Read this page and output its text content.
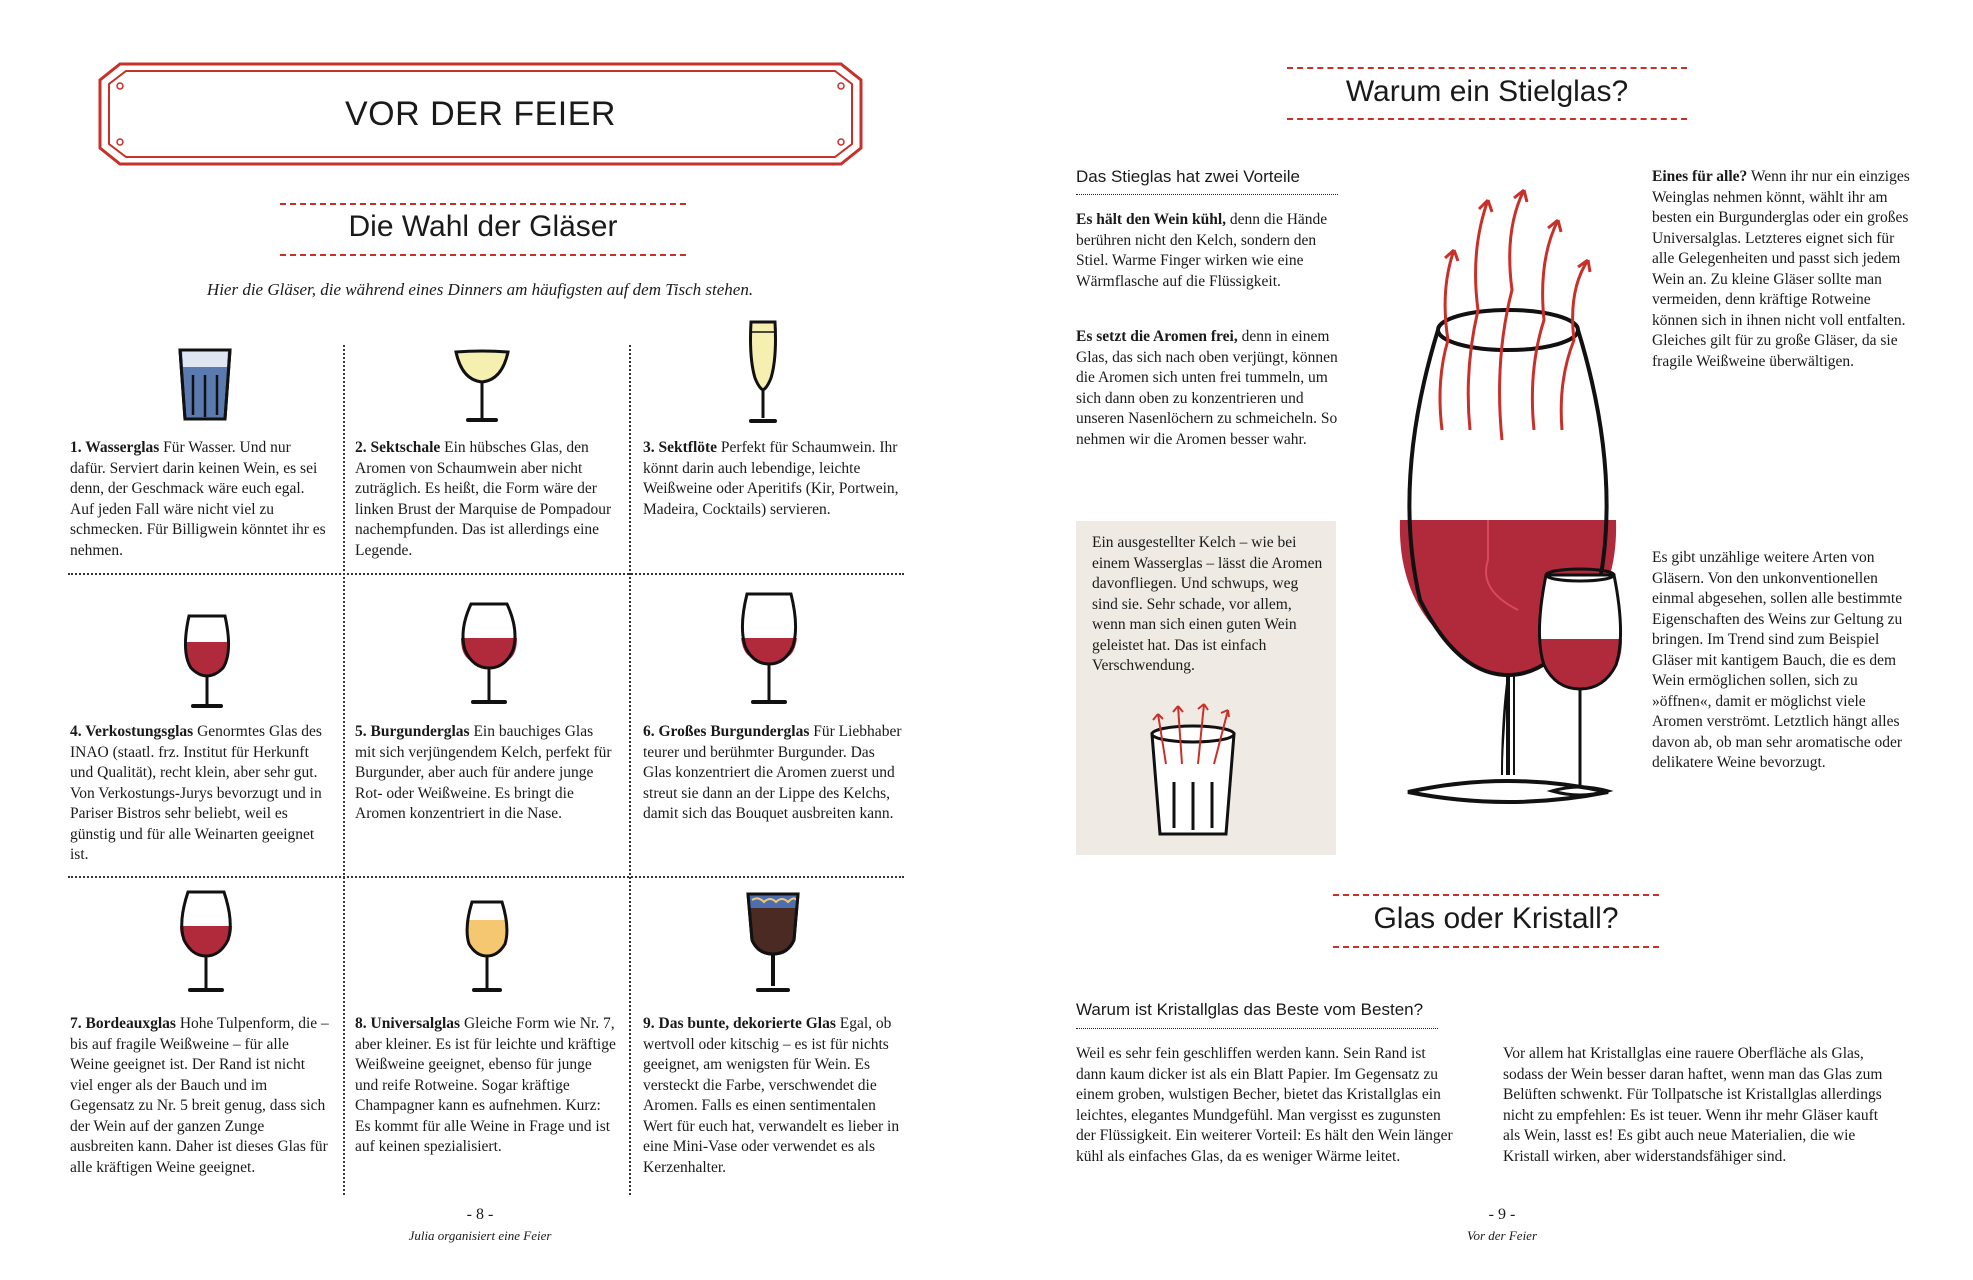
VOR DER FEIER
Die Wahl der Gläser
Hier die Gläser, die während eines Dinners am häufigsten auf dem Tisch stehen.
1. Wasserglas Für Wasser. Und nur dafür. Serviert darin keinen Wein, es sei denn, der Geschmack wäre euch egal. Auf jeden Fall wäre nicht viel zu schmecken. Für Billigwein könntet ihr es nehmen.
2. Sektschale Ein hübsches Glas, den Aromen von Schaumwein aber nicht zuträglich. Es heißt, die Form wäre der linken Brust der Marquise de Pompadour nachempfunden. Das ist allerdings eine Legende.
3. Sektflöte Perfekt für Schaumwein. Ihr könnt darin auch lebendige, leichte Weißweine oder Aperitifs (Kir, Portwein, Madeira, Cocktails) servieren.
4. Verkostungsglas Genormtes Glas des INAO (staatl. frz. Institut für Herkunft und Qualität), recht klein, aber sehr gut. Von Verkostungs-Jurys bevorzugt und in Pariser Bistros sehr beliebt, weil es günstig und für alle Weinarten geeignet ist.
5. Burgunderglas Ein bauchiges Glas mit sich verjüngendem Kelch, perfekt für Burgunder, aber auch für andere junge Rot- oder Weißweine. Es bringt die Aromen konzentriert in die Nase.
6. Großes Burgunderglas Für Liebhaber teurer und berühmter Burgunder. Das Glas konzentriert die Aromen zuerst und streut sie dann an der Lippe des Kelchs, damit sich das Bouquet ausbreiten kann.
7. Bordeauxglas Hohe Tulpenform, die – bis auf fragile Weißweine – für alle Weine geeignet ist. Der Rand ist nicht viel enger als der Bauch und im Gegensatz zu Nr. 5 breit genug, dass sich der Wein auf der ganzen Zunge ausbreiten kann. Daher ist dieses Glas für alle kräftigen Weine geeignet.
8. Universalglas Gleiche Form wie Nr. 7, aber kleiner. Es ist für leichte und kräftige Weißweine geeignet, ebenso für junge und reife Rotweine. Sogar kräftige Champagner kann es aufnehmen. Kurz: Es kommt für alle Weine in Frage und ist auf keinen spezialisiert.
9. Das bunte, dekorierte Glas Egal, ob wertvoll oder kitschig – es ist für nichts geeignet, am wenigsten für Wein. Es versteckt die Farbe, verschwendet die Aromen. Falls es einen sentimentalen Wert für euch hat, verwandelt es lieber in eine Mini-Vase oder verwendet es als Kerzenhalter.
- 8 -
Julia organisiert eine Feier
Warum ein Stielglas?
Das Stieglas hat zwei Vorteile
Es hält den Wein kühl, denn die Hände berühren nicht den Kelch, sondern den Stiel. Warme Finger wirken wie eine Wärmflasche auf die Flüssigkeit.
Es setzt die Aromen frei, denn in einem Glas, das sich nach oben verjüngt, können die Aromen sich unten frei tummeln, um sich dann oben zu konzentrieren und unseren Nasenlöchern zu schmeicheln. So nehmen wir die Aromen besser wahr.
Ein ausgestellter Kelch – wie bei einem Wasserglas – lässt die Aromen davonfliegen. Und schwups, weg sind sie. Sehr schade, vor allem, wenn man sich einen guten Wein geleistet hat. Das ist einfach Verschwendung.
Eines für alle? Wenn ihr nur ein einziges Weinglas nehmen könnt, wählt ihr am besten ein Burgunderglas oder ein großes Universalglas. Letzteres eignet sich für alle Gelegenheiten und passt sich jedem Wein an. Zu kleine Gläser sollte man vermeiden, denn kräftige Rotweine können sich in ihnen nicht voll entfalten. Gleiches gilt für zu große Gläser, da sie fragile Weißweine überwältigen.
Es gibt unzählige weitere Arten von Gläsern. Von den unkonventionellen einmal abgesehen, sollen alle bestimmte Eigenschaften des Weins zur Geltung zu bringen. Im Trend sind zum Beispiel Gläser mit kantigem Bauch, die es dem Wein ermöglichen sollen, sich zu »öffnen«, damit er möglichst viele Aromen verströmt. Letztlich hängt alles davon ab, ob man sehr aromatische oder delikatere Weine bevorzugt.
Glas oder Kristall?
Warum ist Kristallglas das Beste vom Besten?
Weil es sehr fein geschliffen werden kann. Sein Rand ist dann kaum dicker ist als ein Blatt Papier. Im Gegensatz zu einem groben, wulstigen Becher, bietet das Kristallglas ein leichtes, elegantes Mundgefühl. Man vergisst es zugunsten der Flüssigkeit. Ein weiterer Vorteil: Es hält den Wein länger kühl als einfaches Glas, da es weniger Wärme leitet.
Vor allem hat Kristallglas eine rauere Oberfläche als Glas, sodass der Wein besser daran haftet, wenn man das Glas zum Belüften schwenkt. Für Tollpatsche ist Kristallglas allerdings nicht zu empfehlen: Es ist teuer. Wenn ihr mehr Gläser kauft als Wein, lasst es! Es gibt auch neue Materialien, die wie Kristall wirken, aber widerstandsfähiger sind.
- 9 -
Vor der Feier
